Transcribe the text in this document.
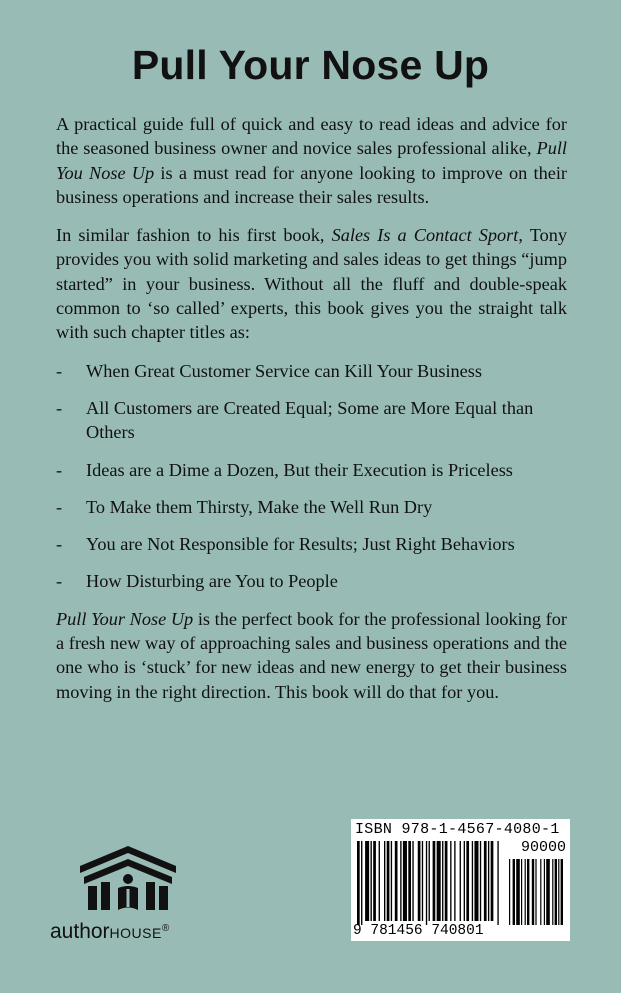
Pull Your Nose Up

A practical guide full of quick and easy to read ideas and advice for the seasoned business owner and novice sales professional alike, Pull You Nose Up is a must read for anyone looking to improve on their business operations and increase their sales results.

In similar fashion to his first book, Sales Is a Contact Sport, Tony provides you with solid marketing and sales ideas to get things “jump started” in your business. Without all the fluff and double-speak common to ‘so called’ experts, this book gives you the straight talk with such chapter titles as:

- When Great Customer Service can Kill Your Business
- All Customers are Created Equal; Some are More Equal than Others
- Ideas are a Dime a Dozen, But their Execution is Priceless
- To Make them Thirsty, Make the Well Run Dry
- You are Not Responsible for Results; Just Right Behaviors
- How Disturbing are You to People

Pull Your Nose Up is the perfect book for the professional looking for a fresh new way of approaching sales and business operations and the one who is ‘stuck’ for new ideas and new energy to get their business moving in the right direction. This book will do that for you.

authorHOUSE®
ISBN 978-1-4567-4080-1
90000
9 781456 740801
